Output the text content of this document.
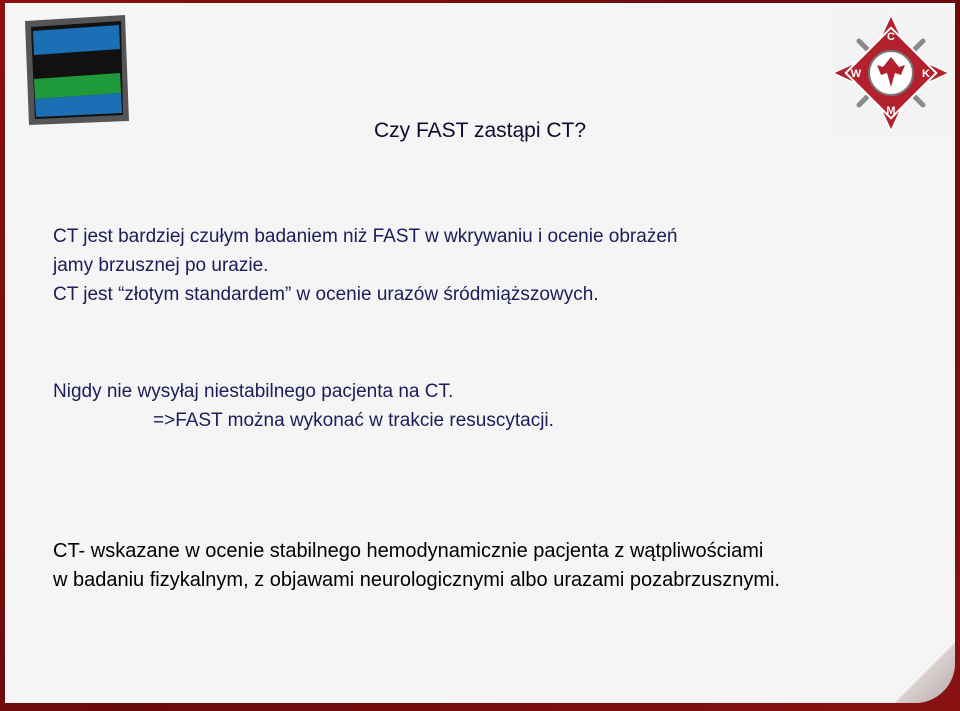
C
W	K
M
Czy FAST zastąpi CT?
CT jest bardziej czułym badaniem niż FAST w wkrywaniu i ocenie obrażeń
jamy brzusznej po urazie.
CT jest “złotym standardem” w ocenie urazów śródmiąższowych.
Nigdy nie wysyłaj niestabilnego pacjenta na CT.
=>FAST można wykonać w trakcie resuscytacji.
CT- wskazane w ocenie stabilnego hemodynamicznie pacjenta z wątpliwościami
w badaniu fizykalnym, z objawami neurologicznymi albo urazami pozabrzusznymi.
